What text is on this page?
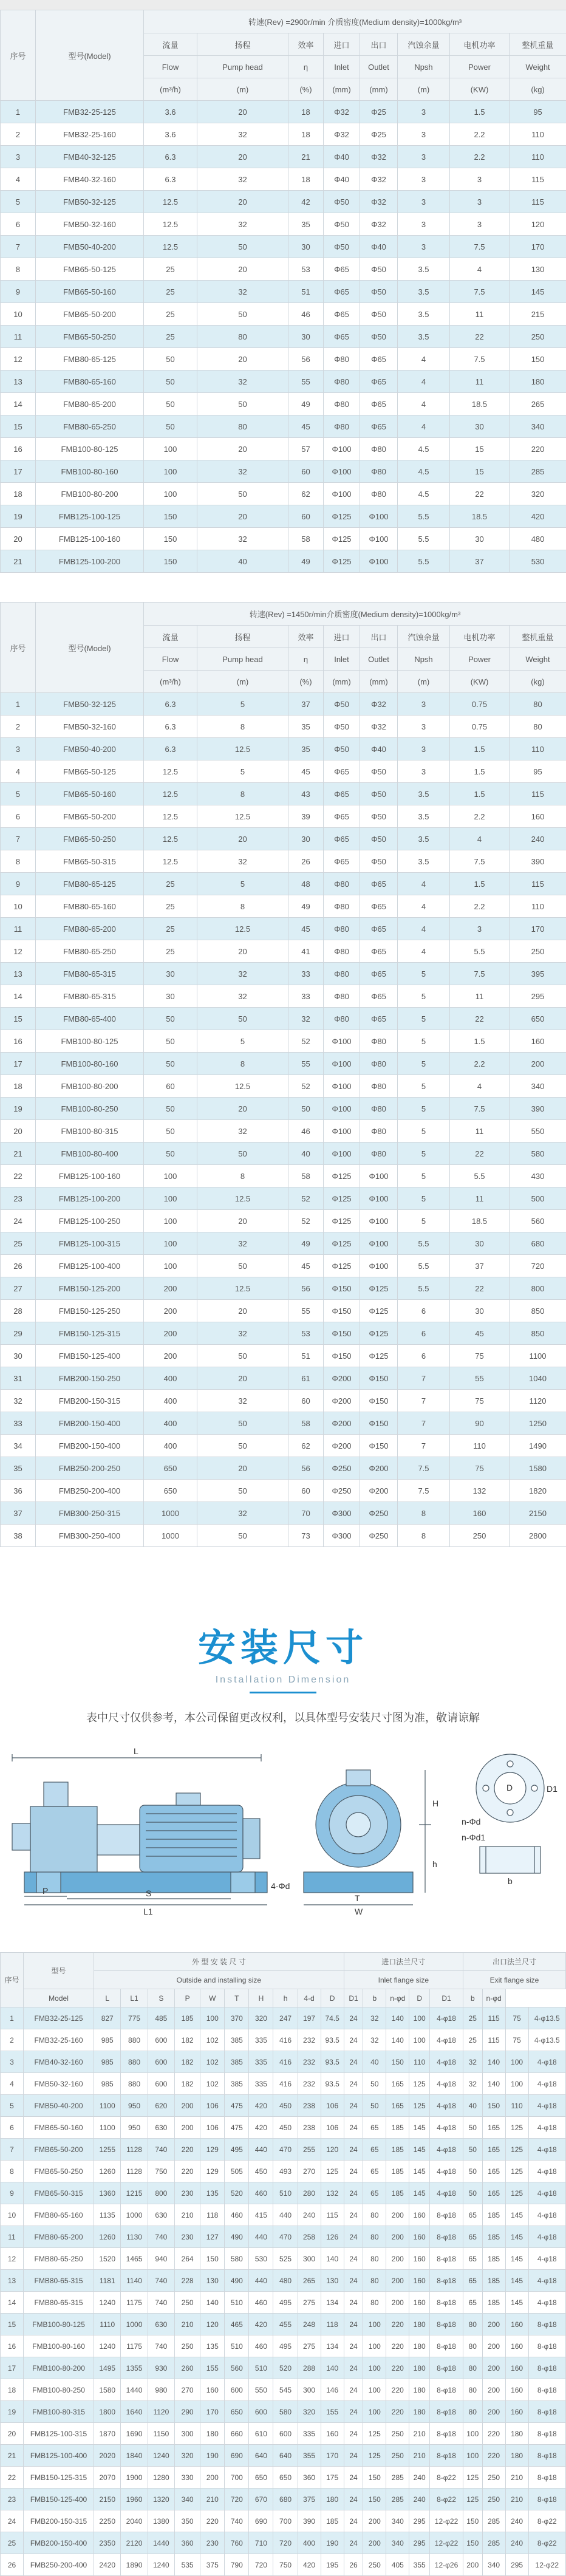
序号	型号(Model)	转速(Rev) =2900r/min 介质密度(Medium density)=1000kg/m³							
		流量	扬程	效率	进口	出口	汽蚀余量	电机功率	整机重量
		Flow	Pump head	η	Inlet	Outlet	Npsh	Power	Weight
		(m³/h)	(m)	(%)	(mm)	(mm)	(m)	(KW)	(kg)
1	FMB32-25-125	3.6	20	18	Φ32	Φ25	3	1.5	95
2	FMB32-25-160	3.6	32	18	Φ32	Φ25	3	2.2	110
3	FMB40-32-125	6.3	20	21	Φ40	Φ32	3	2.2	110
4	FMB40-32-160	6.3	32	18	Φ40	Φ32	3	3	115
5	FMB50-32-125	12.5	20	42	Φ50	Φ32	3	3	115
6	FMB50-32-160	12.5	32	35	Φ50	Φ32	3	3	120
7	FMB50-40-200	12.5	50	30	Φ50	Φ40	3	7.5	170
8	FMB65-50-125	25	20	53	Φ65	Φ50	3.5	4	130
9	FMB65-50-160	25	32	51	Φ65	Φ50	3.5	7.5	145
10	FMB65-50-200	25	50	46	Φ65	Φ50	3.5	11	215
11	FMB65-50-250	25	80	30	Φ65	Φ50	3.5	22	250
12	FMB80-65-125	50	20	56	Φ80	Φ65	4	7.5	150
13	FMB80-65-160	50	32	55	Φ80	Φ65	4	11	180
14	FMB80-65-200	50	50	49	Φ80	Φ65	4	18.5	265
15	FMB80-65-250	50	80	45	Φ80	Φ65	4	30	340
16	FMB100-80-125	100	20	57	Φ100	Φ80	4.5	15	220
17	FMB100-80-160	100	32	60	Φ100	Φ80	4.5	15	285
18	FMB100-80-200	100	50	62	Φ100	Φ80	4.5	22	320
19	FMB125-100-125	150	20	60	Φ125	Φ100	5.5	18.5	420
20	FMB125-100-160	150	32	58	Φ125	Φ100	5.5	30	480
21	FMB125-100-200	150	40	49	Φ125	Φ100	5.5	37	530
序号	型号(Model)	转速(Rev) =1450r/min介质密度(Medium density)=1000kg/m³							
		流量	扬程	效率	进口	出口	汽蚀余量	电机功率	整机重量
		Flow	Pump head	η	Inlet	Outlet	Npsh	Power	Weight
		(m³/h)	(m)	(%)	(mm)	(mm)	(m)	(KW)	(kg)
1	FMB50-32-125	6.3	5	37	Φ50	Φ32	3	0.75	80
2	FMB50-32-160	6.3	8	35	Φ50	Φ32	3	0.75	80
3	FMB50-40-200	6.3	12.5	35	Φ50	Φ40	3	1.5	110
4	FMB65-50-125	12.5	5	45	Φ65	Φ50	3	1.5	95
5	FMB65-50-160	12.5	8	43	Φ65	Φ50	3.5	1.5	115
6	FMB65-50-200	12.5	12.5	39	Φ65	Φ50	3.5	2.2	160
7	FMB65-50-250	12.5	20	30	Φ65	Φ50	3.5	4	240
8	FMB65-50-315	12.5	32	26	Φ65	Φ50	3.5	7.5	390
9	FMB80-65-125	25	5	48	Φ80	Φ65	4	1.5	115
10	FMB80-65-160	25	8	49	Φ80	Φ65	4	2.2	110
11	FMB80-65-200	25	12.5	45	Φ80	Φ65	4	3	170
12	FMB80-65-250	25	20	41	Φ80	Φ65	4	5.5	250
13	FMB80-65-315	30	32	33	Φ80	Φ65	5	7.5	395
14	FMB80-65-315	30	32	33	Φ80	Φ65	5	11	295
15	FMB80-65-400	50	50	32	Φ80	Φ65	5	22	650
16	FMB100-80-125	50	5	52	Φ100	Φ80	5	1.5	160
17	FMB100-80-160	50	8	55	Φ100	Φ80	5	2.2	200
18	FMB100-80-200	60	12.5	52	Φ100	Φ80	5	4	340
19	FMB100-80-250	50	20	50	Φ100	Φ80	5	7.5	390
20	FMB100-80-315	50	32	46	Φ100	Φ80	5	11	550
21	FMB100-80-400	50	50	40	Φ100	Φ80	5	22	580
22	FMB125-100-160	100	8	58	Φ125	Φ100	5	5.5	430
23	FMB125-100-200	100	12.5	52	Φ125	Φ100	5	11	500
24	FMB125-100-250	100	20	52	Φ125	Φ100	5	18.5	560
25	FMB125-100-315	100	32	49	Φ125	Φ100	5.5	30	680
26	FMB125-100-400	100	50	45	Φ125	Φ100	5.5	37	720
27	FMB150-125-200	200	12.5	56	Φ150	Φ125	5.5	22	800
28	FMB150-125-250	200	20	55	Φ150	Φ125	6	30	850
29	FMB150-125-315	200	32	53	Φ150	Φ125	6	45	850
30	FMB150-125-400	200	50	51	Φ150	Φ125	6	75	1100
31	FMB200-150-250	400	20	61	Φ200	Φ150	7	55	1040
32	FMB200-150-315	400	32	60	Φ200	Φ150	7	75	1120
33	FMB200-150-400	400	50	58	Φ200	Φ150	7	90	1250
34	FMB200-150-400	400	50	62	Φ200	Φ150	7	110	1490
35	FMB250-200-250	650	20	56	Φ250	Φ200	7.5	75	1580
36	FMB250-200-400	650	50	60	Φ250	Φ200	7.5	132	1820
37	FMB300-250-315	1000	32	70	Φ300	Φ250	8	160	2150
38	FMB300-250-400	1000	50	73	Φ300	Φ250	8	250	2800
安装尺寸
Installation Dimension
表中尺寸仅供参考，本公司保留更改权利，以具体型号安装尺寸图为准，敬请谅解
L
L1
S
P	4-Φd
H
h
T
W
n-Φd
D	D1
b
n-Φd1
序号	型号	外 型 安 装 尺 寸										进口法兰尺寸					出口法兰尺寸			
		Outside and installing size										Inlet flange size					Exit flange size			
	Model	L	L1	S	P	W	T	H	h	4-d	D	D1	b	n-φd	D	D1	b	n-φd		
1	FMB32-25-125	827	775	485	185	100	370	320	247	197	74.5	24	32	140	100	4-φ18	25	115	75	4-φ13.5
2	FMB32-25-160	985	880	600	182	102	385	335	416	232	93.5	24	32	140	100	4-φ18	25	115	75	4-φ13.5
3	FMB40-32-160	985	880	600	182	102	385	335	416	232	93.5	24	40	150	110	4-φ18	32	140	100	4-φ18
4	FMB50-32-160	985	880	600	182	102	385	335	416	232	93.5	24	50	165	125	4-φ18	32	140	100	4-φ18
5	FMB50-40-200	1100	950	620	200	106	475	420	450	238	106	24	50	165	125	4-φ18	40	150	110	4-φ18
6	FMB65-50-160	1100	950	630	200	106	475	420	450	238	106	24	65	185	145	4-φ18	50	165	125	4-φ18
7	FMB65-50-200	1255	1128	740	220	129	495	440	470	255	120	24	65	185	145	4-φ18	50	165	125	4-φ18
8	FMB65-50-250	1260	1128	750	220	129	505	450	493	270	125	24	65	185	145	4-φ18	50	165	125	4-φ18
9	FMB65-50-315	1360	1215	800	230	135	520	460	510	280	132	24	65	185	145	4-φ18	50	165	125	4-φ18
10	FMB80-65-160	1135	1000	630	210	118	460	415	440	240	115	24	80	200	160	8-φ18	65	185	145	4-φ18
11	FMB80-65-200	1260	1130	740	230	127	490	440	470	258	126	24	80	200	160	8-φ18	65	185	145	4-φ18
12	FMB80-65-250	1520	1465	940	264	150	580	530	525	300	140	24	80	200	160	8-φ18	65	185	145	4-φ18
13	FMB80-65-315	1181	1140	740	228	130	490	440	480	265	130	24	80	200	160	8-φ18	65	185	145	4-φ18
14	FMB80-65-315	1240	1175	740	250	140	510	460	495	275	134	24	80	200	160	8-φ18	65	185	145	4-φ18
15	FMB100-80-125	1110	1000	630	210	120	465	420	455	248	118	24	100	220	180	8-φ18	80	200	160	8-φ18
16	FMB100-80-160	1240	1175	740	250	135	510	460	495	275	134	24	100	220	180	8-φ18	80	200	160	8-φ18
17	FMB100-80-200	1495	1355	930	260	155	560	510	520	288	140	24	100	220	180	8-φ18	80	200	160	8-φ18
18	FMB100-80-250	1580	1440	980	270	160	600	550	545	300	146	24	100	220	180	8-φ18	80	200	160	8-φ18
19	FMB100-80-315	1800	1640	1120	290	170	650	600	580	320	155	24	100	220	180	8-φ18	80	200	160	8-φ18
20	FMB125-100-315	1870	1690	1150	300	180	660	610	600	335	160	24	125	250	210	8-φ18	100	220	180	8-φ18
21	FMB125-100-400	2020	1840	1240	320	190	690	640	640	355	170	24	125	250	210	8-φ18	100	220	180	8-φ18
22	FMB150-125-315	2070	1900	1280	330	200	700	650	650	360	175	24	150	285	240	8-φ22	125	250	210	8-φ18
23	FMB150-125-400	2150	1960	1320	340	210	720	670	680	375	180	24	150	285	240	8-φ22	125	250	210	8-φ18
24	FMB200-150-315	2250	2040	1380	350	220	740	690	700	390	185	24	200	340	295	12-φ22	150	285	240	8-φ22
25	FMB200-150-400	2350	2120	1440	360	230	760	710	720	400	190	24	200	340	295	12-φ22	150	285	240	8-φ22
26	FMB250-200-400	2420	1890	1240	535	375	790	720	750	420	195	26	250	405	355	12-φ26	200	340	295	12-φ22
